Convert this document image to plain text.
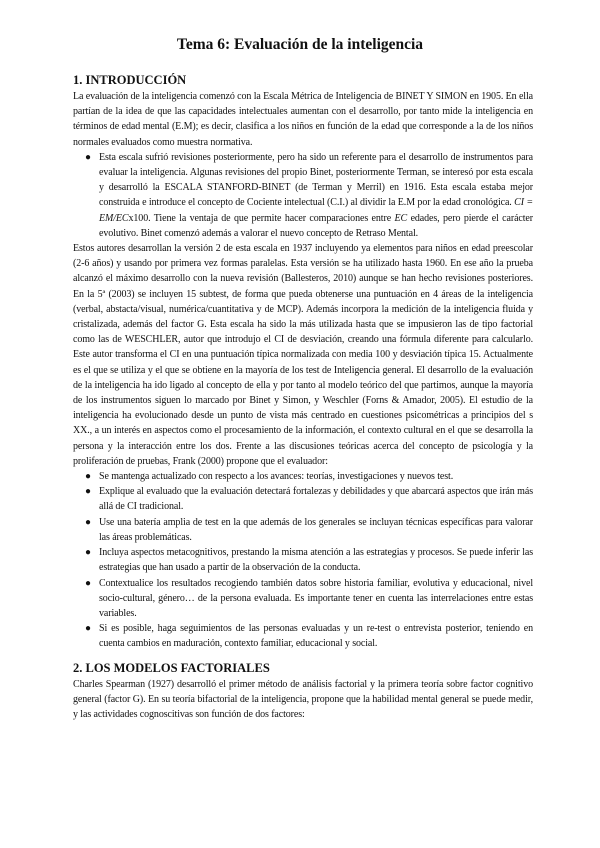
Tema 6: Evaluación de la inteligencia
1. INTRODUCCIÓN

La evaluación de la inteligencia comenzó con la Escala Métrica de Inteligencia de BINET Y SIMON en 1905. En ella partían de la idea de que las capacidades intelectuales aumentan con el desarrollo, por tanto mide la inteligencia en términos de edad mental (E.M); es decir, clasifica a los niños en función de la edad que corresponde a la de los niños normales evaluados como muestra normativa.

● Esta escala sufrió revisiones posteriormente, pero ha sido un referente para el desarrollo de instrumentos para evaluar la inteligencia. Algunas revisiones del propio Binet, posteriormente Terman, se interesó por esta escala y desarrolló la ESCALA STANFORD-BINET (de Terman y Merril) en 1916. Esta escala estaba mejor construida e introduce el concepto de Cociente intelectual (C.I.) al dividir la E.M por la edad cronológica. CI = EM/ECx100. Tiene la ventaja de que permite hacer comparaciones entre EC edades, pero pierde el carácter evolutivo. Binet comenzó además a valorar el nuevo concepto de Retraso Mental.

Estos autores desarrollan la versión 2 de esta escala en 1937 incluyendo ya elementos para niños en edad preescolar (2-6 años) y usando por primera vez formas paralelas. Esta versión se ha utilizado hasta 1960. En ese año la prueba alcanzó el máximo desarrollo con la nueva revisión (Ballesteros, 2010) aunque se han hecho revisiones posteriores. En la 5ª (2003) se incluyen 15 subtest, de forma que pueda obtenerse una puntuación en 4 áreas de la inteligencia (verbal, abstacta/visual, numérica/cuantitativa y de MCP). Además incorpora la medición de la inteligencia fluida y cristalizada, además del factor G. Esta escala ha sido la más utilizada hasta que se impusieron las de tipo factorial como las de WESCHLER, autor que introdujo el CI de desviación, creando una fórmula diferente para calcularlo. Este autor transforma el CI en una puntuación típica normalizada con media 100 y desviación típica 15. Actualmente es el que se utiliza y el que se obtiene en la mayoría de los test de Inteligencia general. El desarrollo de la evaluación de la inteligencia ha ido ligado al concepto de ella y por tanto al modelo teórico del que partimos, aunque la mayoría de los instrumentos siguen lo marcado por Binet y Simon, y Weschler (Forns & Amador, 2005). El estudio de la inteligencia ha evolucionado desde un punto de vista más centrado en cuestiones psicométricas a principios del s XX., a un interés en aspectos como el procesamiento de la información, el contexto cultural en el que se desarrolla la persona y la interacción entre los dos. Frente a las discusiones teóricas acerca del concepto de psicología y la proliferación de pruebas, Frank (2000) propone que el evaluador:

● Se mantenga actualizado con respecto a los avances: teorías, investigaciones y nuevos test.
● Explique al evaluado que la evaluación detectará fortalezas y debilidades y que abarcará aspectos que irán más allá de CI tradicional.
● Use una batería amplia de test en la que además de los generales se incluyan técnicas específicas para valorar las áreas problemáticas.
● Incluya aspectos metacognitivos, prestando la misma atención a las estrategias y procesos. Se puede inferir las estrategias que han usado a partir de la observación de la conducta.
● Contextualice los resultados recogiendo también datos sobre historia familiar, evolutiva y educacional, nivel socio-cultural, género… de la persona evaluada. Es importante tener en cuenta las interrelaciones entre estas variables.
● Si es posible, haga seguimientos de las personas evaluadas y un re-test o entrevista posterior, teniendo en cuenta cambios en maduración, contexto familiar, educacional y social.
2. LOS MODELOS FACTORIALES

Charles Spearman (1927) desarrolló el primer método de análisis factorial y la primera teoría sobre factor cognitivo general (factor G). En su teoría bifactorial de la inteligencia, propone que la habilidad mental general se puede medir, y las actividades cognoscitivas son función de dos factores:
